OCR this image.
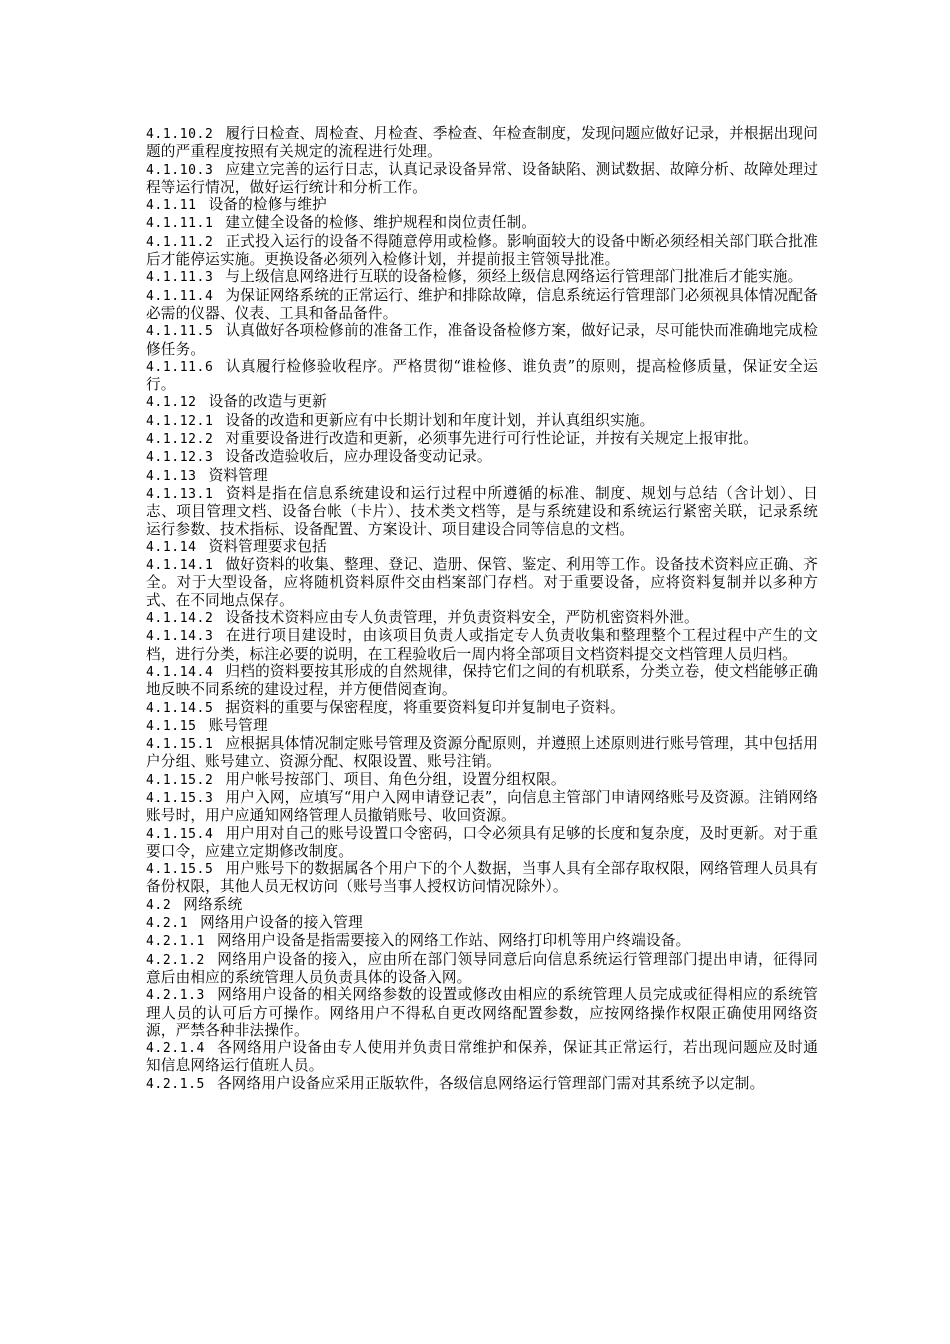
4.1.10.2 履行日检查、周检查、月检查、季检查、年检查制度，发现问题应做好记录，并根据出现问题的严重程度按照有关规定的流程进行处理。

4.1.10.3 应建立完善的运行日志，认真记录设备异常、设备缺陷、测试数据、故障分析、故障处理过程等运行情况，做好运行统计和分析工作。

4.1.11 设备的检修与维护

4.1.11.1 建立健全设备的检修、维护规程和岗位责任制。

4.1.11.2 正式投入运行的设备不得随意停用或检修。影响面较大的设备中断必须经相关部门联合批准后才能停运实施。更换设备必须列入检修计划，并提前报主管领导批准。

4.1.11.3 与上级信息网络进行互联的设备检修，须经上级信息网络运行管理部门批准后才能实施。

4.1.11.4 为保证网络系统的正常运行、维护和排除故障，信息系统运行管理部门必须视具体情况配备必需的仪器、仪表、工具和备品备件。

4.1.11.5 认真做好各项检修前的准备工作，准备设备检修方案，做好记录，尽可能快而准确地完成检修任务。

4.1.11.6 认真履行检修验收程序。严格贯彻“谁检修、谁负责”的原则，提高检修质量，保证安全运行。

4.1.12 设备的改造与更新

4.1.12.1 设备的改造和更新应有中长期计划和年度计划，并认真组织实施。

4.1.12.2 对重要设备进行改造和更新，必须事先进行可行性论证，并按有关规定上报审批。

4.1.12.3 设备改造验收后，应办理设备变动记录。

4.1.13 资料管理

4.1.13.1 资料是指在信息系统建设和运行过程中所遵循的标准、制度、规划与总结（含计划）、日志、项目管理文档、设备台帐（卡片）、技术类文档等，是与系统建设和系统运行紧密关联，记录系统运行参数、技术指标、设备配置、方案设计、项目建设合同等信息的文档。

4.1.14 资料管理要求包括

4.1.14.1 做好资料的收集、整理、登记、造册、保管、鉴定、利用等工作。设备技术资料应正确、齐全。对于大型设备，应将随机资料原件交由档案部门存档。对于重要设备，应将资料复制并以多种方式、在不同地点保存。

4.1.14.2 设备技术资料应由专人负责管理，并负责资料安全，严防机密资料外泄。

4.1.14.3 在进行项目建设时，由该项目负责人或指定专人负责收集和整理整个工程过程中产生的文档，进行分类，标注必要的说明，在工程验收后一周内将全部项目文档资料提交文档管理人员归档。

4.1.14.4 归档的资料要按其形成的自然规律，保持它们之间的有机联系，分类立卷，使文档能够正确地反映不同系统的建设过程，并方便借阅查询。

4.1.14.5 据资料的重要与保密程度，将重要资料复印并复制电子资料。

4.1.15 账号管理

4.1.15.1 应根据具体情况制定账号管理及资源分配原则，并遵照上述原则进行账号管理，其中包括用户分组、账号建立、资源分配、权限设置、账号注销。

4.1.15.2 用户帐号按部门、项目、角色分组，设置分组权限。

4.1.15.3 用户入网，应填写“用户入网申请登记表”，向信息主管部门申请网络账号及资源。注销网络账号时，用户应通知网络管理人员撤销账号、收回资源。

4.1.15.4 用户用对自己的账号设置口令密码，口令必须具有足够的长度和复杂度，及时更新。对于重要口令，应建立定期修改制度。

4.1.15.5 用户账号下的数据属各个用户下的个人数据，当事人具有全部存取权限，网络管理人员具有备份权限，其他人员无权访问（账号当事人授权访问情况除外）。

4.2 网络系统

4.2.1 网络用户设备的接入管理

4.2.1.1 网络用户设备是指需要接入的网络工作站、网络打印机等用户终端设备。

4.2.1.2 网络用户设备的接入，应由所在部门领导同意后向信息系统运行管理部门提出申请，征得同意后由相应的系统管理人员负责具体的设备入网。

4.2.1.3 网络用户设备的相关网络参数的设置或修改由相应的系统管理人员完成或征得相应的系统管理人员的认可后方可操作。网络用户不得私自更改网络配置参数，应按网络操作权限正确使用网络资源，严禁各种非法操作。

4.2.1.4 各网络用户设备由专人使用并负责日常维护和保养，保证其正常运行，若出现问题应及时通知信息网络运行值班人员。

4.2.1.5 各网络用户设备应采用正版软件，各级信息网络运行管理部门需对其系统予以定制。
